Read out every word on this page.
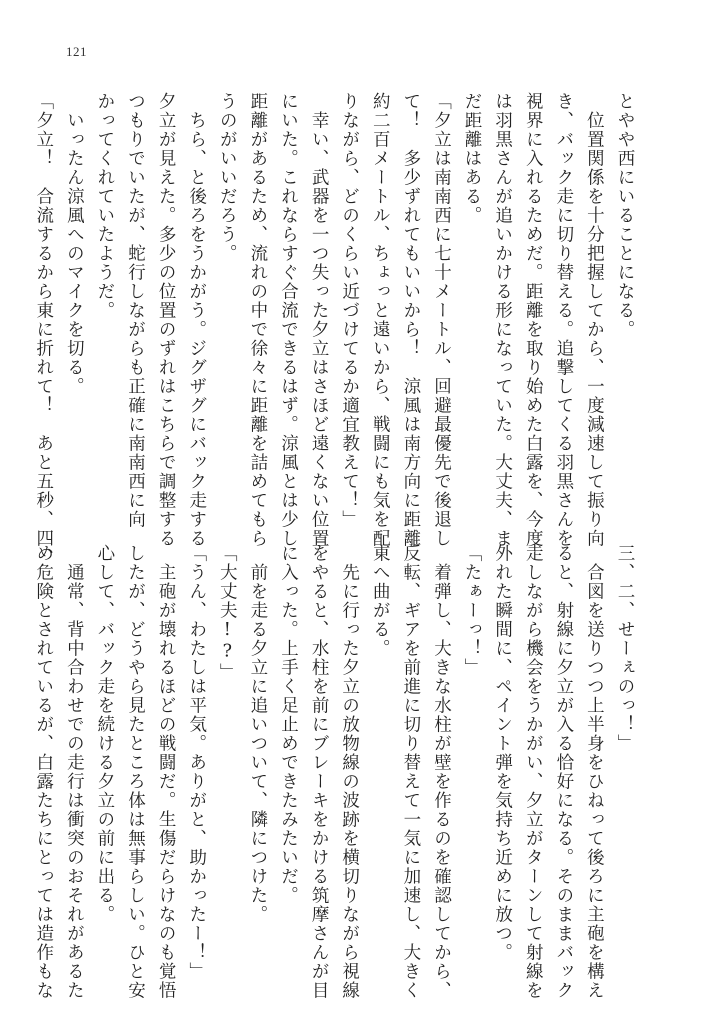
121
とやや西にいることになる。
　位置関係を十分把握してから、一度減速して振り向
き、バック走に切り替える。追撃してくる羽黒さんを
視界に入れるためだ。距離を取り始めた白露を、今度
は羽黒さんが追いかける形になっていた。大丈夫、ま
だ距離はある。
「夕立は南南西に七十メートル、回避最優先で後退し
て！　多少ずれてもいいから！　涼風は南方向に距離
約二百メートル、ちょっと遠いから、戦闘にも気を配
りながら、どのくらい近づけてるか適宜教えて！」
　幸い、武器を一つ失った夕立はさほど遠くない位置
にいた。これならすぐ合流できるはず。涼風とは少し
距離があるため、流れの中で徐々に距離を詰めてもら
うのがいいだろう。
　ちら、と後ろをうかがう。ジグザグにバック走する
夕立が見えた。多少の位置のずれはこちらで調整する
つもりでいたが、蛇行しながらも正確に南南西に向
かってくれていたようだ。
　いったん涼風へのマイクを切る。
「夕立！　合流するから東に折れて！　あと五秒、四、
三、二、せーぇのっ！」
　合図を送りつつ上半身をひねって後ろに主砲を構え
ると、射線に夕立が入る恰好になる。そのままバック
走しながら機会をうかがい、夕立がターンして射線を
外れた瞬間に、ペイント弾を気持ち近めに放つ。
「たぁーっ！」
　着弾し、大きな水柱が壁を作るのを確認してから、
反転、ギアを前進に切り替えて一気に加速し、大きく
東へ曲がる。
　先に行った夕立の放物線の波跡を横切りながら視線
をやると、水柱を前にブレーキをかける筑摩さんが目
に入った。上手く足止めできたみたいだ。
　前を走る夕立に追いついて、隣につけた。
「大丈夫!?」
「うん、わたしは平気。ありがと、助かったー！」
　主砲が壊れるほどの戦闘だ。生傷だらけなのも覚悟
したが、どうやら見たところ体は無事らしい。ひと安
心して、バック走を続ける夕立の前に出る。
　通常、背中合わせでの走行は衝突のおそれがあるた
め危険とされているが、白露たちにとっては造作もな
